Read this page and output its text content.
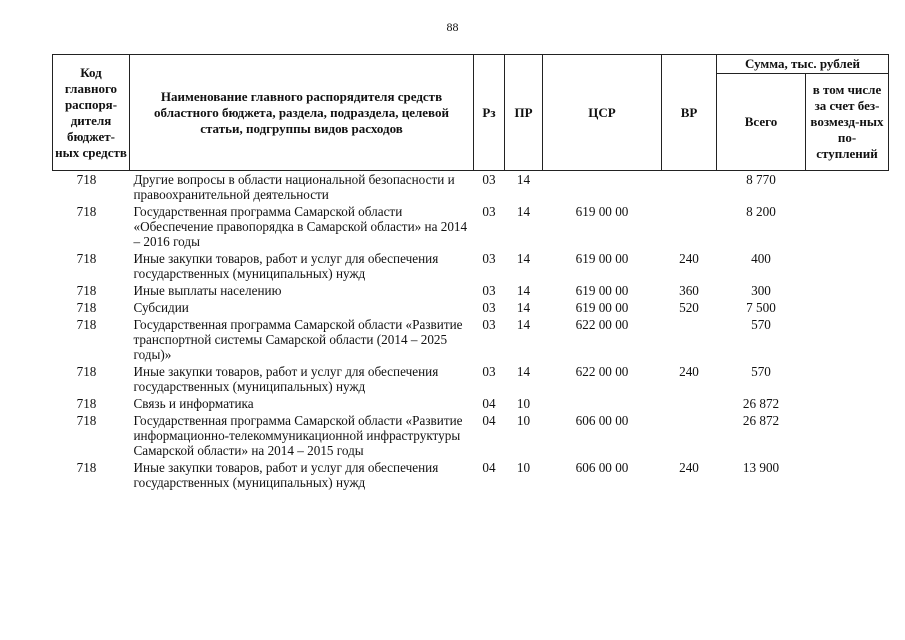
88
Код главного распоря-дителя бюджет-ных средств	Наименование главного распорядителя средств областного бюджета, раздела, подраздела, целевой статьи, подгруппы видов расходов	Рз	ПР	ЦСР	ВР	Сумма, тыс. рублей	
						Всего	в том числе за счет без-возмезд-ных по-ступлений
718	Другие вопросы в области национальной безопасности и правоохранительной деятельности	03	14			8 770	
718	Государственная программа Самарской области «Обеспечение правопорядка в Самарской области» на 2014 – 2016 годы	03	14	619 00 00		8 200	
718	Иные закупки товаров, работ и услуг для обеспечения государственных (муниципальных) нужд	03	14	619 00 00	240	400	
718	Иные выплаты населению	03	14	619 00 00	360	300	
718	Субсидии	03	14	619 00 00	520	7 500	
718	Государственная программа Самарской области «Развитие транспортной системы Самарской области (2014 – 2025 годы)»	03	14	622 00 00		570	
718	Иные закупки товаров, работ и услуг для обеспечения государственных (муниципальных) нужд	03	14	622 00 00	240	570	
718	Связь и информатика	04	10			26 872	
718	Государственная программа Самарской области «Развитие информационно-телекоммуникационной инфраструктуры Самарской области» на 2014 – 2015 годы	04	10	606 00 00		26 872	
718	Иные закупки товаров, работ и услуг для обеспечения государственных (муниципальных) нужд	04	10	606 00 00	240	13 900	
